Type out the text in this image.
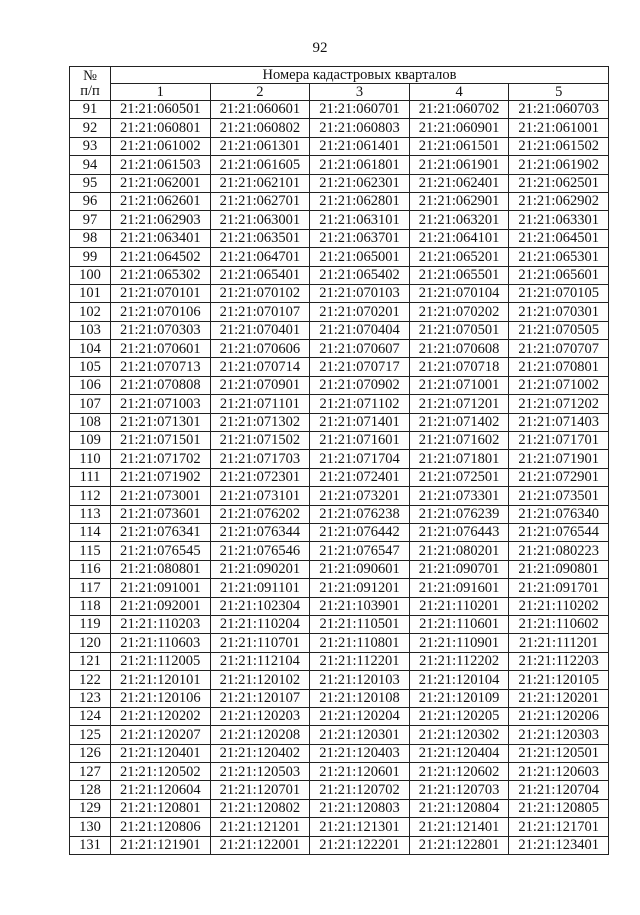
92
№
п/п	Номера кадастровых кварталов				
	1	2	3	4	5
91	21:21:060501	21:21:060601	21:21:060701	21:21:060702	21:21:060703
92	21:21:060801	21:21:060802	21:21:060803	21:21:060901	21:21:061001
93	21:21:061002	21:21:061301	21:21:061401	21:21:061501	21:21:061502
94	21:21:061503	21:21:061605	21:21:061801	21:21:061901	21:21:061902
95	21:21:062001	21:21:062101	21:21:062301	21:21:062401	21:21:062501
96	21:21:062601	21:21:062701	21:21:062801	21:21:062901	21:21:062902
97	21:21:062903	21:21:063001	21:21:063101	21:21:063201	21:21:063301
98	21:21:063401	21:21:063501	21:21:063701	21:21:064101	21:21:064501
99	21:21:064502	21:21:064701	21:21:065001	21:21:065201	21:21:065301
100	21:21:065302	21:21:065401	21:21:065402	21:21:065501	21:21:065601
101	21:21:070101	21:21:070102	21:21:070103	21:21:070104	21:21:070105
102	21:21:070106	21:21:070107	21:21:070201	21:21:070202	21:21:070301
103	21:21:070303	21:21:070401	21:21:070404	21:21:070501	21:21:070505
104	21:21:070601	21:21:070606	21:21:070607	21:21:070608	21:21:070707
105	21:21:070713	21:21:070714	21:21:070717	21:21:070718	21:21:070801
106	21:21:070808	21:21:070901	21:21:070902	21:21:071001	21:21:071002
107	21:21:071003	21:21:071101	21:21:071102	21:21:071201	21:21:071202
108	21:21:071301	21:21:071302	21:21:071401	21:21:071402	21:21:071403
109	21:21:071501	21:21:071502	21:21:071601	21:21:071602	21:21:071701
110	21:21:071702	21:21:071703	21:21:071704	21:21:071801	21:21:071901
111	21:21:071902	21:21:072301	21:21:072401	21:21:072501	21:21:072901
112	21:21:073001	21:21:073101	21:21:073201	21:21:073301	21:21:073501
113	21:21:073601	21:21:076202	21:21:076238	21:21:076239	21:21:076340
114	21:21:076341	21:21:076344	21:21:076442	21:21:076443	21:21:076544
115	21:21:076545	21:21:076546	21:21:076547	21:21:080201	21:21:080223
116	21:21:080801	21:21:090201	21:21:090601	21:21:090701	21:21:090801
117	21:21:091001	21:21:091101	21:21:091201	21:21:091601	21:21:091701
118	21:21:092001	21:21:102304	21:21:103901	21:21:110201	21:21:110202
119	21:21:110203	21:21:110204	21:21:110501	21:21:110601	21:21:110602
120	21:21:110603	21:21:110701	21:21:110801	21:21:110901	21:21:111201
121	21:21:112005	21:21:112104	21:21:112201	21:21:112202	21:21:112203
122	21:21:120101	21:21:120102	21:21:120103	21:21:120104	21:21:120105
123	21:21:120106	21:21:120107	21:21:120108	21:21:120109	21:21:120201
124	21:21:120202	21:21:120203	21:21:120204	21:21:120205	21:21:120206
125	21:21:120207	21:21:120208	21:21:120301	21:21:120302	21:21:120303
126	21:21:120401	21:21:120402	21:21:120403	21:21:120404	21:21:120501
127	21:21:120502	21:21:120503	21:21:120601	21:21:120602	21:21:120603
128	21:21:120604	21:21:120701	21:21:120702	21:21:120703	21:21:120704
129	21:21:120801	21:21:120802	21:21:120803	21:21:120804	21:21:120805
130	21:21:120806	21:21:121201	21:21:121301	21:21:121401	21:21:121701
131	21:21:121901	21:21:122001	21:21:122201	21:21:122801	21:21:123401
